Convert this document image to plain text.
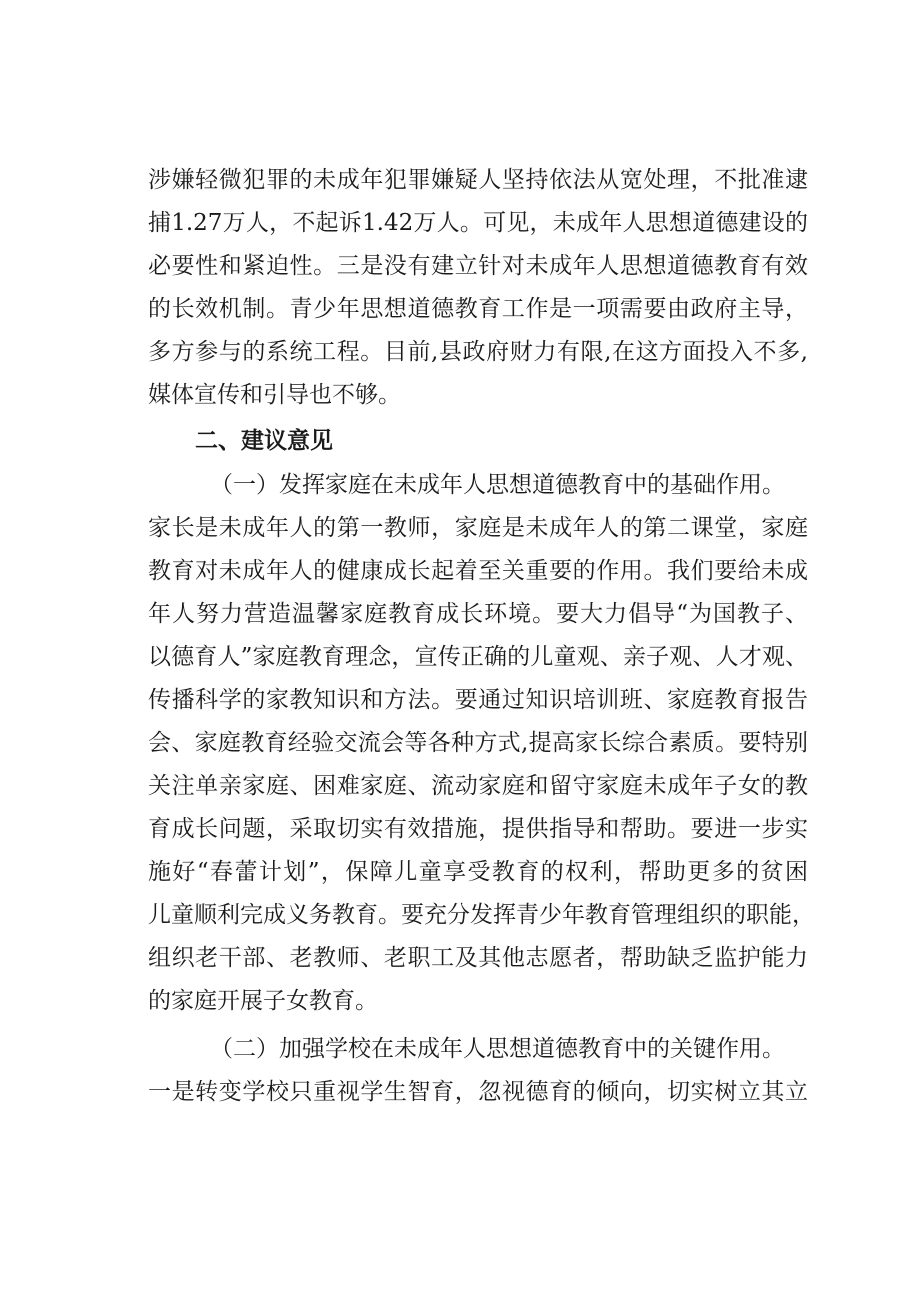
涉嫌轻微犯罪的未成年犯罪嫌疑人坚持依法从宽处理，不批准逮
捕1.27万人，不起诉1.42万人。可见，未成年人思想道德建设的
必要性和紧迫性。三是没有建立针对未成年人思想道德教育有效
的长效机制。青少年思想道德教育工作是一项需要由政府主导，
多方参与的系统工程。目前,县政府财力有限,在这方面投入不多,
媒体宣传和引导也不够。
二、建议意见
（一）发挥家庭在未成年人思想道德教育中的基础作用。
家长是未成年人的第一教师，家庭是未成年人的第二课堂，家庭
教育对未成年人的健康成长起着至关重要的作用。我们要给未成
年人努力营造温馨家庭教育成长环境。要大力倡导“为国教子、
以德育人”家庭教育理念，宣传正确的儿童观、亲子观、人才观、
传播科学的家教知识和方法。要通过知识培训班、家庭教育报告
会、家庭教育经验交流会等各种方式,提高家长综合素质。要特别
关注单亲家庭、困难家庭、流动家庭和留守家庭未成年子女的教
育成长问题，采取切实有效措施，提供指导和帮助。要进一步实
施好“春蕾计划”，保障儿童享受教育的权利，帮助更多的贫困
儿童顺利完成义务教育。要充分发挥青少年教育管理组织的职能，
组织老干部、老教师、老职工及其他志愿者，帮助缺乏监护能力
的家庭开展子女教育。
（二）加强学校在未成年人思想道德教育中的关键作用。
一是转变学校只重视学生智育，忽视德育的倾向，切实树立其立
